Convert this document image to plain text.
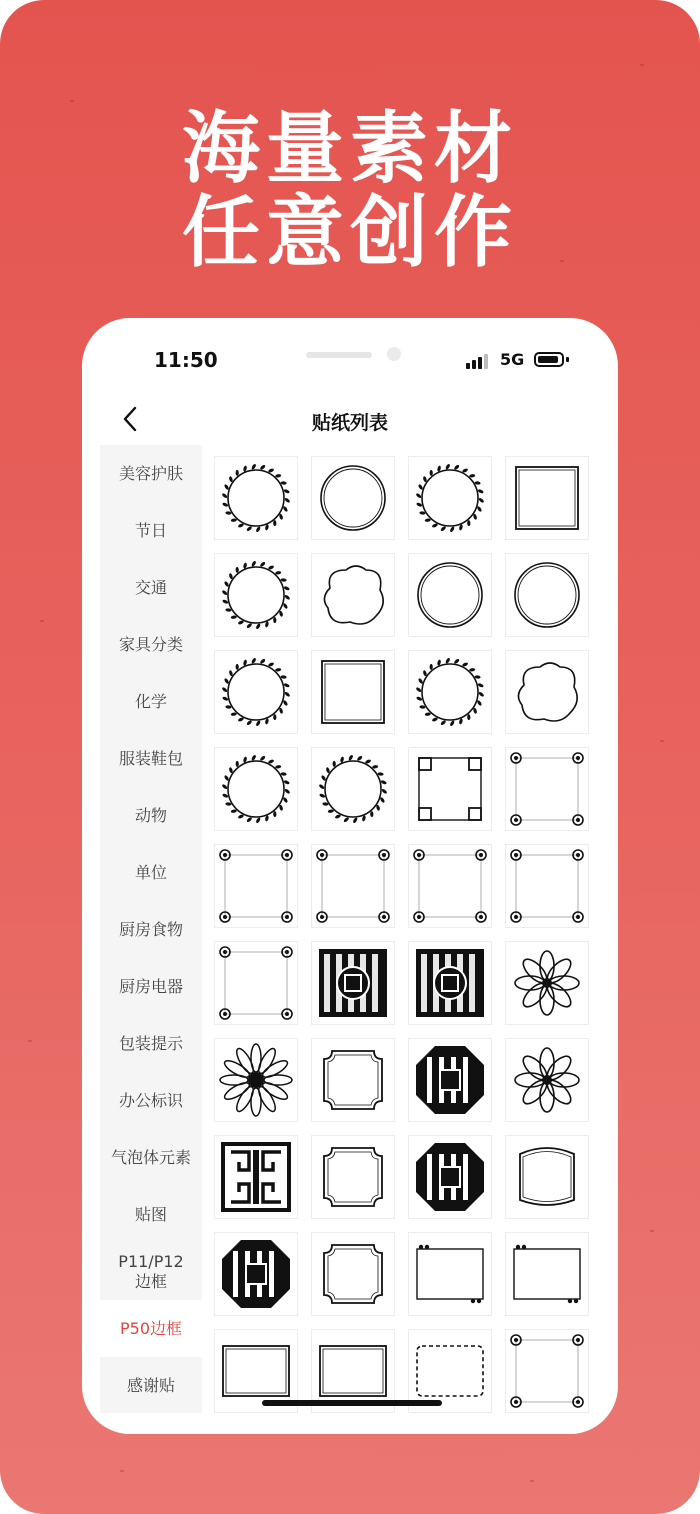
海量素材
任意创作
11:50	5G
贴纸列表
美容护肤
节日
交通
家具分类
化学
服装鞋包
动物
单位
厨房食物
厨房电器
包装提示
办公标识
气泡体元素
贴图
P11/P12
边框
P50边框
感谢贴
